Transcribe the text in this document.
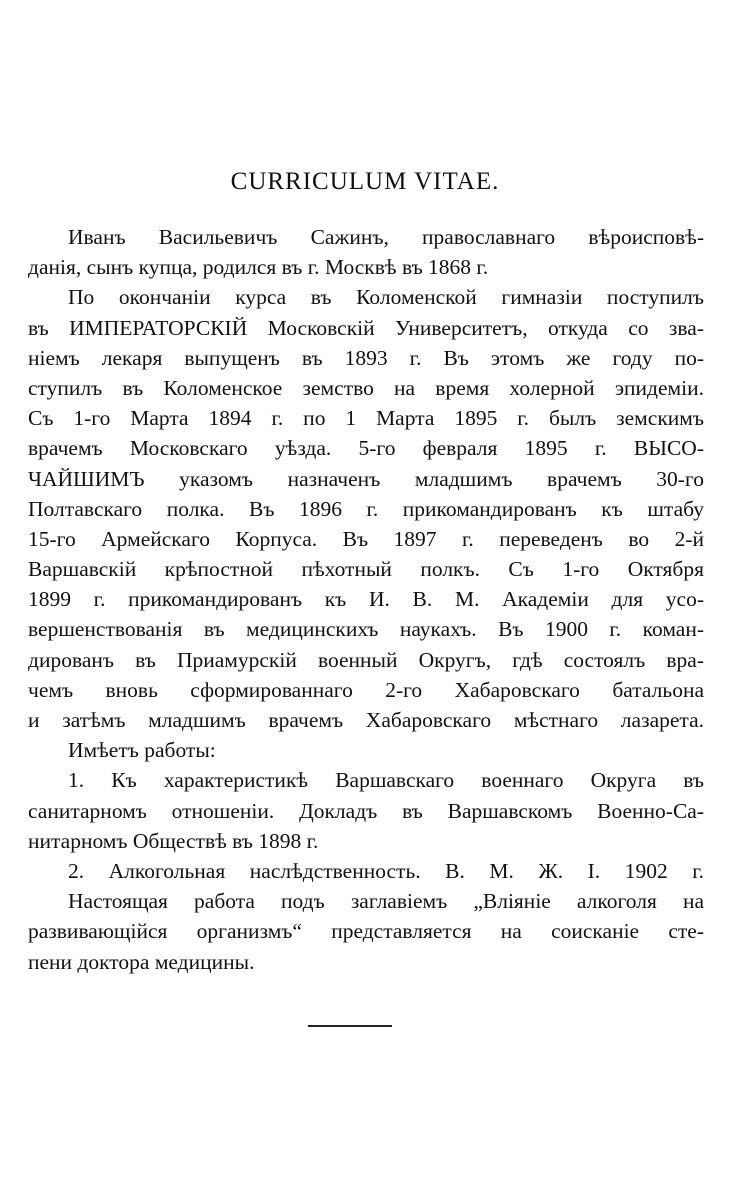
CURRICULUM VITAE.
Иванъ Васильевичъ Сажинъ, православнаго вѣроисповѣ-
данія, сынъ купца, родился въ г. Москвѣ въ 1868 г.
По окончаніи курса въ Коломенской гимназіи поступилъ
въ ИМПЕРАТОРСКІЙ Московскій Университетъ, откуда со зва-
ніемъ лекаря выпущенъ въ 1893 г. Въ этомъ же году по-
ступилъ въ Коломенское земство на время холерной эпидеміи.
Съ 1-го Марта 1894 г. по 1 Марта 1895 г. былъ земскимъ
врачемъ Московскаго уѣзда. 5-го февраля 1895 г. ВЫСО-
ЧАЙШИМЪ указомъ назначенъ младшимъ врачемъ 30-го
Полтавскаго полка. Въ 1896 г. прикомандированъ къ штабу
15-го Армейскаго Корпуса. Въ 1897 г. переведенъ во 2-й
Варшавскій крѣпостной пѣхотный полкъ. Съ 1-го Октября
1899 г. прикомандированъ къ И. В. М. Академіи для усо-
вершенствованія въ медицинскихъ наукахъ. Въ 1900 г. коман-
дированъ въ Приамурскій военный Округъ, гдѣ состоялъ вра-
чемъ вновь сформированнаго 2-го Хабаровскаго батальона
и затѣмъ младшимъ врачемъ Хабаровскаго мѣстнаго лазарета.
Имѣетъ работы:
1. Къ характеристикѣ Варшавскаго военнаго Округа въ
санитарномъ отношеніи. Докладъ въ Варшавскомъ Военно-Са-
нитарномъ Обществѣ въ 1898 г.
2. Алкогольная наслѣдственность. В. М. Ж. I. 1902 г.
Настоящая работа подъ заглавіемъ „Вліяніе алкоголя на
развивающійся организмъ“ представляется на соисканіе сте-
пени доктора медицины.
